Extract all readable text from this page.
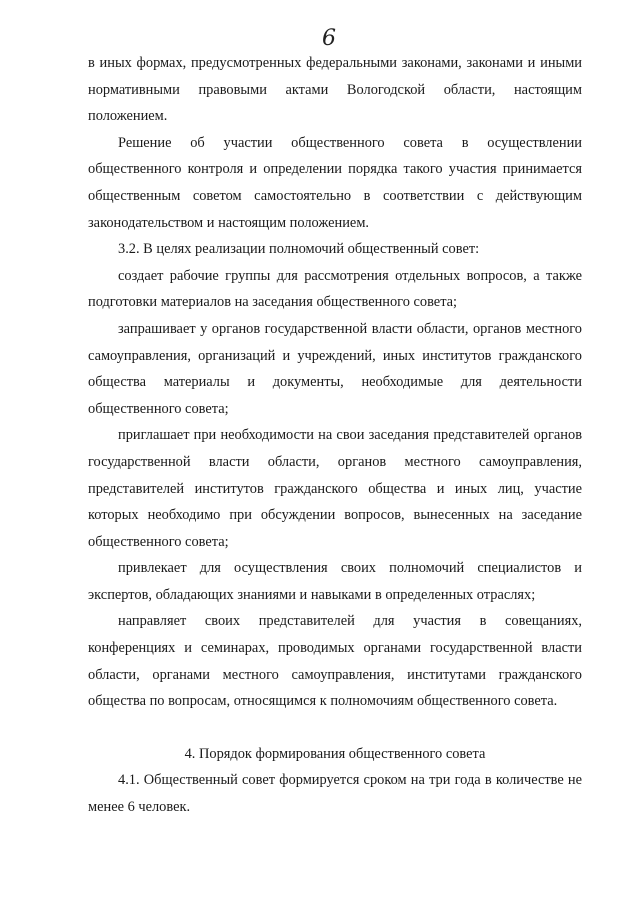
6

в иных формах, предусмотренных федеральными законами, законами и иными нормативными правовыми актами Вологодской области, настоящим положением.

Решение об участии общественного совета в осуществлении общественного контроля и определении порядка такого участия принимается общественным советом самостоятельно в соответствии с действующим законодательством и настоящим положением.

3.2. В целях реализации полномочий общественный совет:

создает рабочие группы для рассмотрения отдельных вопросов, а также подготовки материалов на заседания общественного совета;

запрашивает у органов государственной власти области, органов местного самоуправления, организаций и учреждений, иных институтов гражданского общества материалы и документы, необходимые для деятельности общественного совета;

приглашает при необходимости на свои заседания представителей органов государственной власти области, органов местного самоуправления, представителей институтов гражданского общества и иных лиц, участие которых необходимо при обсуждении вопросов, вынесенных на заседание общественного совета;

привлекает для осуществления своих полномочий специалистов и экспертов, обладающих знаниями и навыками в определенных отраслях;

направляет своих представителей для участия в совещаниях, конференциях и семинарах, проводимых органами государственной власти области, органами местного самоуправления, институтами гражданского общества по вопросам, относящимся к полномочиям общественного совета.

4. Порядок формирования общественного совета

4.1. Общественный совет формируется сроком на три года в количестве не менее 6 человек.
